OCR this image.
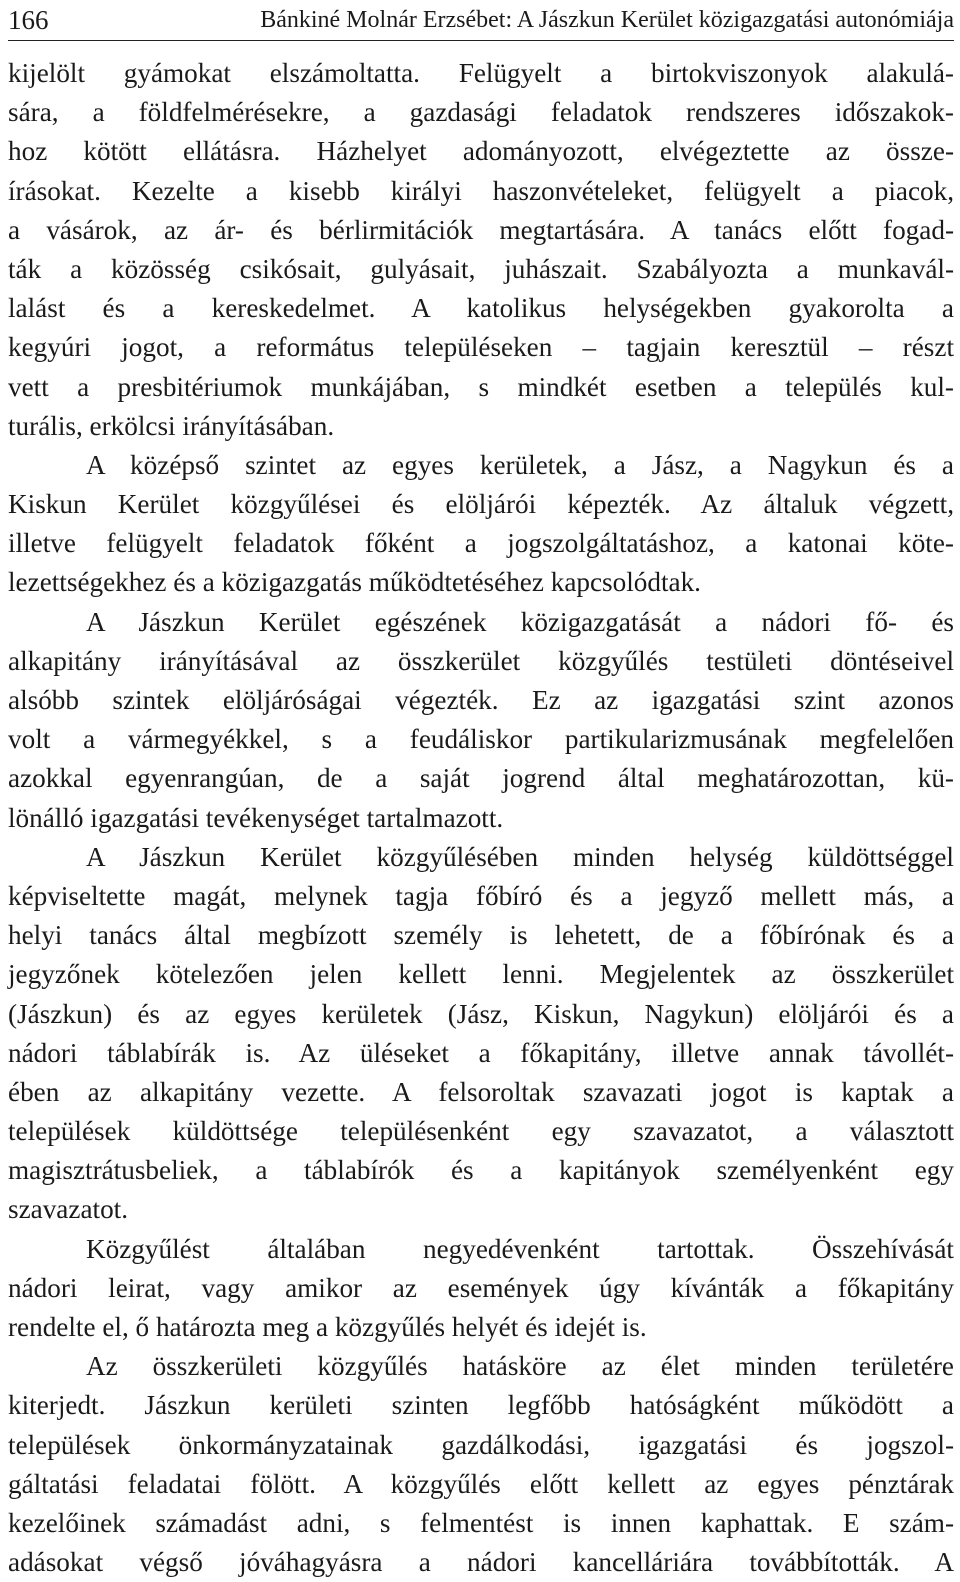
166	Bánkiné Molnár Erzsébet: A Jászkun Kerület közigazgatási autonómiája
kijelölt gyámokat elszámoltatta. Felügyelt a birtokviszonyok alakulá-
sára, a földfelmérésekre, a gazdasági feladatok rendszeres időszakok-
hoz kötött ellátásra. Házhelyet adományozott, elvégeztette az össze-
írásokat. Kezelte a kisebb királyi haszonvételeket, felügyelt a piacok,
a vásárok, az ár- és bérlirmitációk megtartására. A tanács előtt fogad-
ták a közösség csikósait, gulyásait, juhászait. Szabályozta a munkavál-
lalást és a kereskedelmet. A katolikus helységekben gyakorolta a
kegyúri jogot, a református településeken – tagjain keresztül – részt
vett a presbitériumok munkájában, s mindkét esetben a település kul-
turális, erkölcsi irányításában.
A középső szintet az egyes kerületek, a Jász, a Nagykun és a
Kiskun Kerület közgyűlései és elöljárói képezték. Az általuk végzett,
illetve felügyelt feladatok főként a jogszolgáltatáshoz, a katonai köte-
lezettségekhez és a közigazgatás működtetéséhez kapcsolódtak.
A Jászkun Kerület egészének közigazgatását a nádori fő- és
alkapitány irányításával az összkerület közgyűlés testületi döntéseivel
alsóbb szintek elöljáróságai végezték. Ez az igazgatási szint azonos
volt a vármegyékkel, s a feudáliskor partikularizmusának megfelelően
azokkal egyenrangúan, de a saját jogrend által meghatározottan, kü-
lönálló igazgatási tevékenységet tartalmazott.
A Jászkun Kerület közgyűlésében minden helység küldöttséggel
képviseltette magát, melynek tagja főbíró és a jegyző mellett más, a
helyi tanács által megbízott személy is lehetett, de a főbírónak és a
jegyzőnek kötelezően jelen kellett lenni. Megjelentek az összkerület
(Jászkun) és az egyes kerületek (Jász, Kiskun, Nagykun) elöljárói és a
nádori táblabírák is. Az üléseket a főkapitány, illetve annak távollét-
ében az alkapitány vezette. A felsoroltak szavazati jogot is kaptak a
települések küldöttsége településenként egy szavazatot, a választott
magisztrátusbeliek, a táblabírók és a kapitányok személyenként egy
szavazatot.
Közgyűlést általában negyedévenként tartottak. Összehívását
nádori leirat, vagy amikor az események úgy kívánták a főkapitány
rendelte el, ő határozta meg a közgyűlés helyét és idejét is.
Az összkerületi közgyűlés hatásköre az élet minden területére
kiterjedt. Jászkun kerületi szinten legfőbb hatóságként működött a
települések önkormányzatainak gazdálkodási, igazgatási és jogszol-
gáltatási feladatai fölött. A közgyűlés előtt kellett az egyes pénztárak
kezelőinek számadást adni, s felmentést is innen kaphattak. E szám-
adásokat végső jóváhagyásra a nádori kancelláriára továbbították. A
